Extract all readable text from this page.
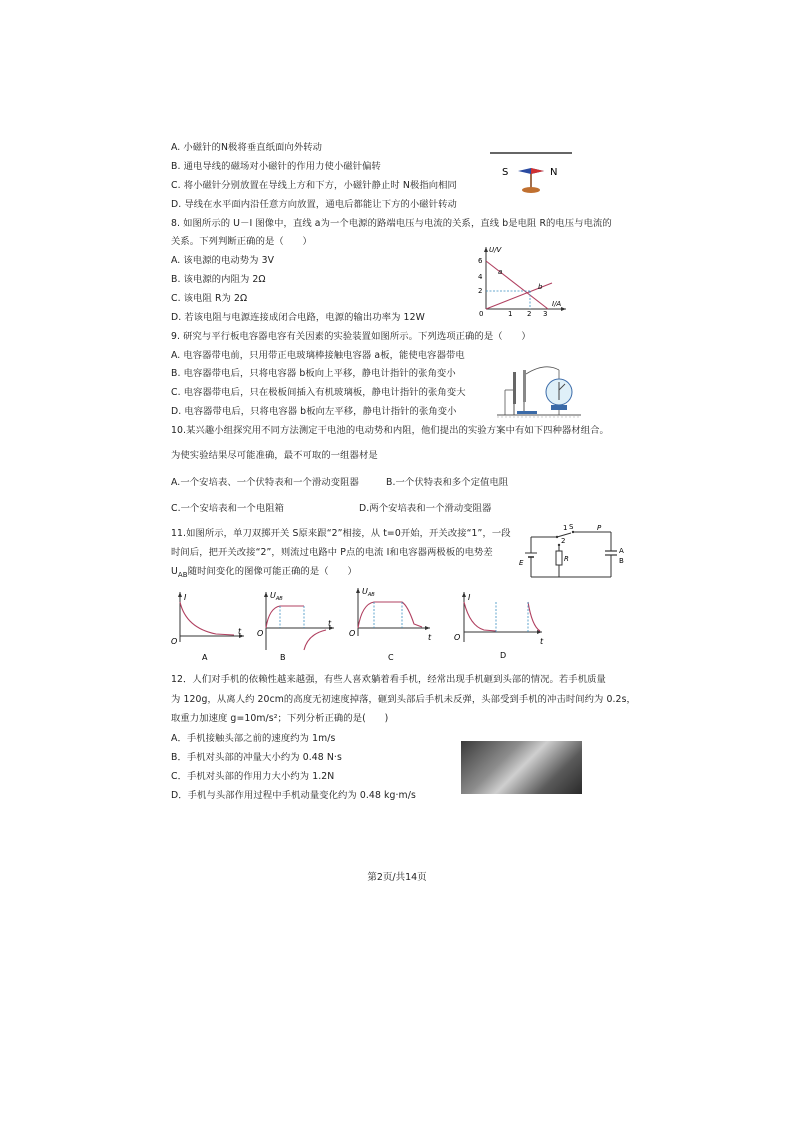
A. 小磁针的N极将垂直纸面向外转动
B. 通电导线的磁场对小磁针的作用力使小磁针偏转
C. 将小磁针分别放置在导线上方和下方，小磁针静止时 N极指向相同
D. 导线在水平面内沿任意方向放置，通电后都能让下方的小磁针转动
S	N
8. 如图所示的 U－I 图像中，直线 a为一个电源的路端电压与电流的关系，直线 b是电阻 R的电压与电流的
关系。下列判断正确的是（　　）
A. 该电源的电动势为 3V
B. 该电源的内阻为 2Ω
C. 该电阻 R为 2Ω
D. 若该电阻与电源连接成闭合电路，电源的输出功率为 12W
U/V
I/A
0
6
4
2
1 2 3
a
b
9. 研究与平行板电容器电容有关因素的实验装置如图所示。下列选项正确的是（　　）
A. 电容器带电前，只用带正电玻璃棒接触电容器 a板，能使电容器带电
B. 电容器带电后，只将电容器 b板向上平移，静电计指针的张角变小
C. 电容器带电后，只在极板间插入有机玻璃板，静电计指针的张角变大
D. 电容器带电后，只将电容器 b板向左平移，静电计指针的张角变小
10.某兴趣小组探究用不同方法测定干电池的电动势和内阻，他们提出的实验方案中有如下四种器材组合。
为使实验结果尽可能准确，最不可取的一组器材是
A.一个安培表、一个伏特表和一个滑动变阻器	B.一个伏特表和多个定值电阻
C.一个安培表和一个电阻箱	D.两个安培表和一个滑动变阻器
11.如图所示，单刀双掷开关 S原来跟“2”相接，从 t=0开始，开关改接“1”，一段
时间后，把开关改接“2”，则流过电路中 P点的电流 I和电容器两极板的电势差
$U_{AB}$随时间变化的图像可能正确的是（　　）
1 S	P
2
E	R
A
B
I
t
O
A
$U_{AB}$
t
O
B
$U_{AB}$
t
O
C
I
t
O
D
12．人们对手机的依赖性越来越强，有些人喜欢躺着看手机，经常出现手机砸到头部的情况。若手机质量
为 120g，从离人约 20cm的高度无初速度掉落，砸到头部后手机未反弹，头部受到手机的冲击时间约为 0.2s，
取重力加速度 g=10m/s²；下列分析正确的是(　　)
A．手机接触头部之前的速度约为 1m/s
B．手机对头部的冲量大小约为 0.48 N·s
C．手机对头部的作用力大小约为 1.2N
D．手机与头部作用过程中手机动量变化约为 0.48 kg·m/s
第2页/共14页
